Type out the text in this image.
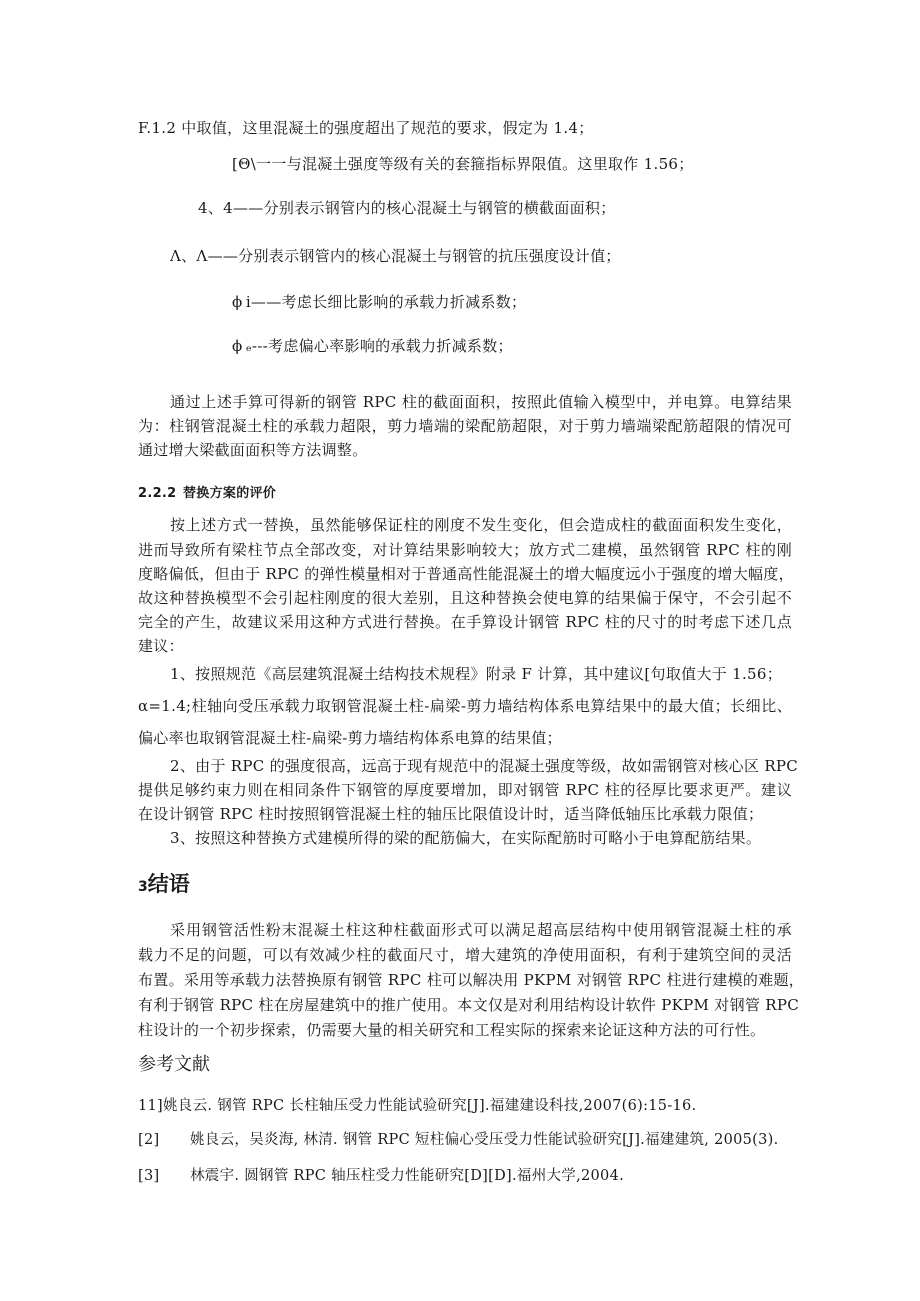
F.1.2 中取值，这里混凝土的强度超出了规范的要求，假定为 1.4；
[Θ\一一与混凝土强度等级有关的套箍指标界限值。这里取作 1.56；
4、4——分别表示钢管内的核心混凝土与钢管的横截面面积；
Λ、Λ——分别表示钢管内的核心混凝土与钢管的抗压强度设计值；
ϕ ⅰ——考虑长细比影响的承载力折减系数；
ϕ ₑ---考虑偏心率影响的承载力折减系数；
通过上述手算可得新的钢管 RPC 柱的截面面积，按照此值输入模型中，并电算。电算结果
为：柱钢管混凝土柱的承载力超限，剪力墙端的梁配筋超限，对于剪力墙端梁配筋超限的情况可
通过增大梁截面面积等方法调整。
2.2.2 替换方案的评价
按上述方式一替换，虽然能够保证柱的刚度不发生变化，但会造成柱的截面面积发生变化，
进而导致所有梁柱节点全部改变，对计算结果影响较大；放方式二建模，虽然钢管 RPC 柱的刚
度略偏低，但由于 RPC 的弹性模量相对于普通高性能混凝土的增大幅度远小于强度的增大幅度，
故这种替换模型不会引起柱刚度的很大差别，且这种替换会使电算的结果偏于保守，不会引起不
完全的产生，故建议采用这种方式进行替换。在手算设计钢管 RPC 柱的尺寸的时考虑下述几点
建议：
1、按照规范《高层建筑混凝土结构技术规程》附录 F 计算，其中建议[句取值大于 1.56；
α=1.4;柱轴向受压承载力取钢管混凝土柱-扁梁-剪力墙结构体系电算结果中的最大值；长细比、
偏心率也取钢管混凝土柱-扁梁-剪力墙结构体系电算的结果值；
2、由于 RPC 的强度很高，远高于现有规范中的混凝土强度等级，故如需钢管对核心区 RPC
提供足够约束力则在相同条件下钢管的厚度要增加，即对钢管 RPC 柱的径厚比要求更严。建议
在设计钢管 RPC 柱时按照钢管混凝土柱的轴压比限值设计时，适当降低轴压比承载力限值；
3、按照这种替换方式建模所得的梁的配筋偏大，在实际配筋时可略小于电算配筋结果。
3结语
采用钢管活性粉末混凝土柱这种柱截面形式可以满足超高层结构中使用钢管混凝土柱的承
载力不足的问题，可以有效减少柱的截面尺寸，增大建筑的净使用面积，有利于建筑空间的灵活
布置。采用等承载力法替换原有钢管 RPC 柱可以解决用 PKPM 对钢管 RPC 柱进行建模的难题，
有利于钢管 RPC 柱在房屋建筑中的推广使用。本文仅是对利用结构设计软件 PKPM 对钢管 RPC
柱设计的一个初步探索，仍需要大量的相关研究和工程实际的探索来论证这种方法的可行性。
参考文献
11]姚良云. 钢管 RPC 长柱轴压受力性能试验研究[J].福建建设科技,2007(6):15-16.
[2] 姚良云，吴炎海, 林清. 钢管 RPC 短柱偏心受压受力性能试验研究[J].福建建筑, 2005(3).
[3] 林震宇. 圆钢管 RPC 轴压柱受力性能研究[D][D].福州大学,2004.
